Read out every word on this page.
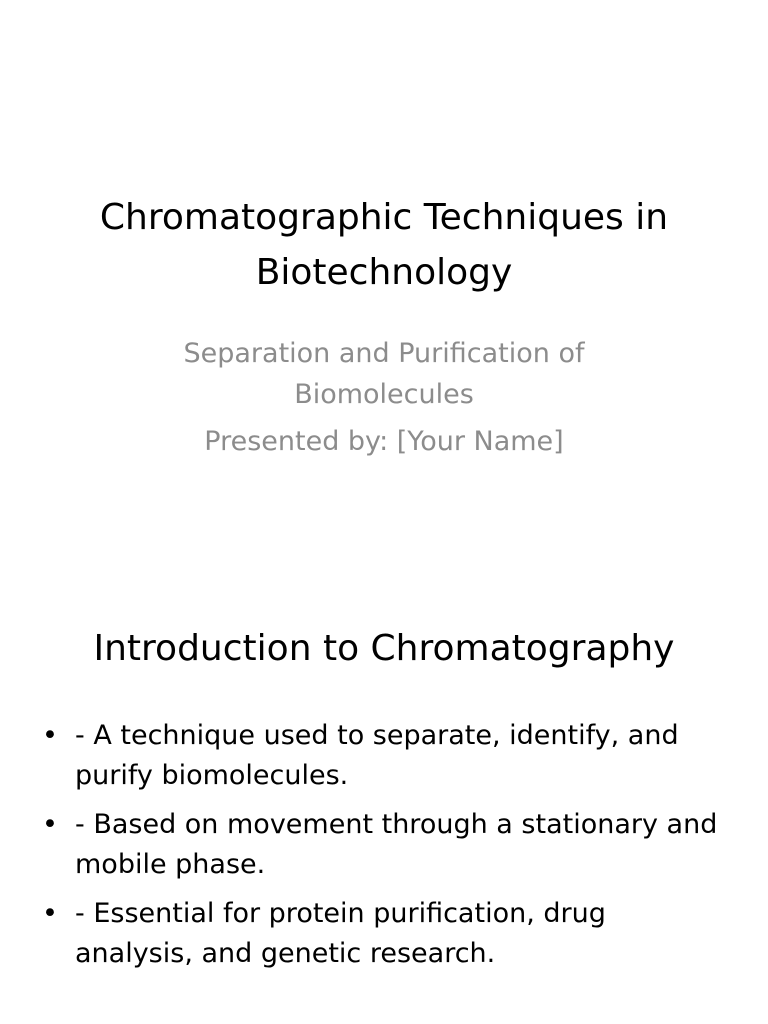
Chromatographic Techniques in Biotechnology
Separation and Purification of
Biomolecules
Presented by: [Your Name]
Introduction to Chromatography
• - A technique used to separate, identify, and purify biomolecules.
• - Based on movement through a stationary and mobile phase.
• - Essential for protein purification, drug analysis, and genetic research.
